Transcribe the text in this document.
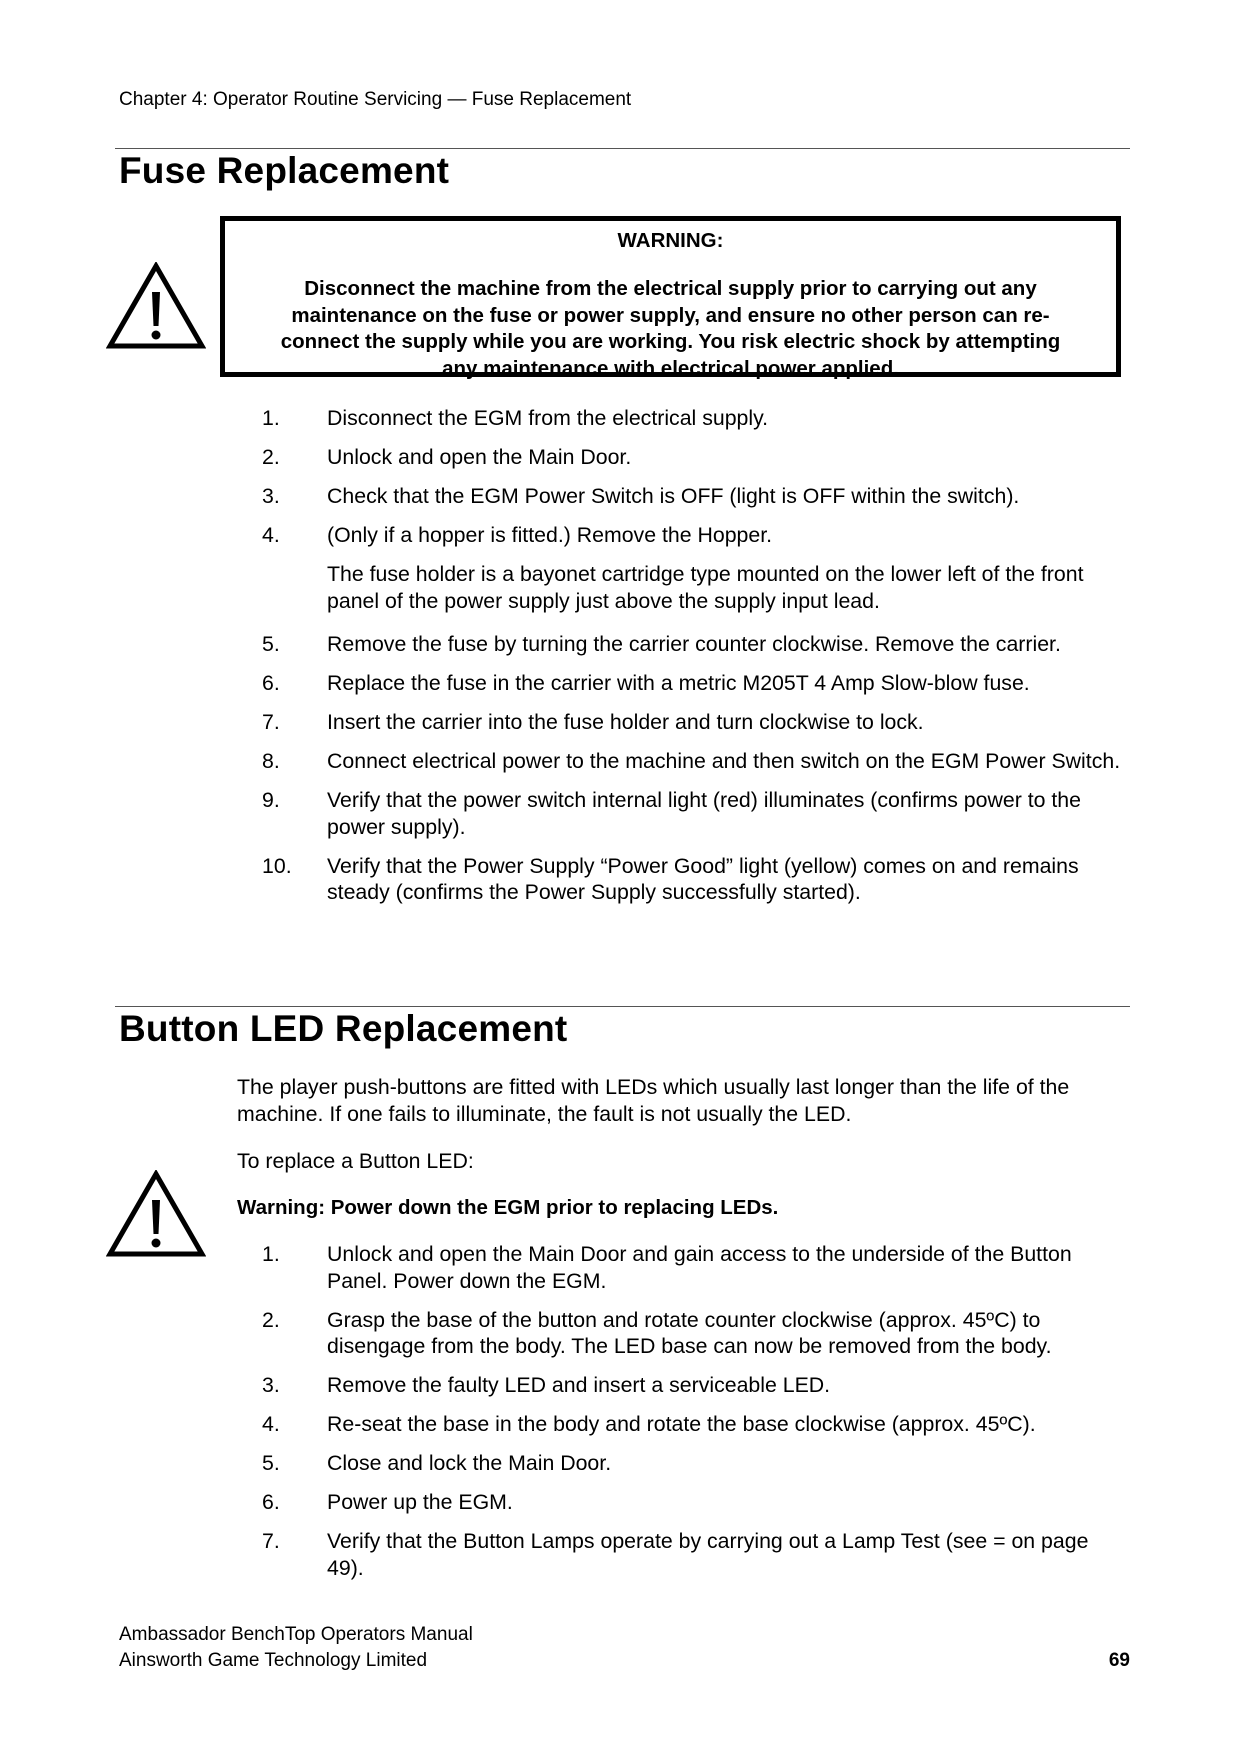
Chapter 4: Operator Routine Servicing — Fuse Replacement
Fuse Replacement
WARNING:
Disconnect the machine from the electrical supply prior to carrying out any
maintenance on the fuse or power supply, and ensure no other person can re-
connect the supply while you are working. You risk electric shock by attempting
any maintenance with electrical power applied.
1.	Disconnect the EGM from the electrical supply.
2.	Unlock and open the Main Door.
3.	Check that the EGM Power Switch is OFF (light is OFF within the switch).
4.	(Only if a hopper is fitted.) Remove the Hopper.
The fuse holder is a bayonet cartridge type mounted on the lower left of the front panel of the power supply just above the supply input lead.
5.	Remove the fuse by turning the carrier counter clockwise. Remove the carrier.
6.	Replace the fuse in the carrier with a metric M205T 4 Amp Slow-blow fuse.
7.	Insert the carrier into the fuse holder and turn clockwise to lock.
8.	Connect electrical power to the machine and then switch on the EGM Power Switch.
9.	Verify that the power switch internal light (red) illuminates (confirms power to the power supply).
10.	Verify that the Power Supply “Power Good” light (yellow) comes on and remains steady (confirms the Power Supply successfully started).
Button LED Replacement
The player push-buttons are fitted with LEDs which usually last longer than the life of the machine. If one fails to illuminate, the fault is not usually the LED.
To replace a Button LED:
Warning: Power down the EGM prior to replacing LEDs.
1.	Unlock and open the Main Door and gain access to the underside of the Button Panel. Power down the EGM.
2.	Grasp the base of the button and rotate counter clockwise (approx. 45ºC) to disengage from the body. The LED base can now be removed from the body.
3.	Remove the faulty LED and insert a serviceable LED.
4.	Re-seat the base in the body and rotate the base clockwise (approx. 45ºC).
5.	Close and lock the Main Door.
6.	Power up the EGM.
7.	Verify that the Button Lamps operate by carrying out a Lamp Test (see = on page 49).
Ambassador BenchTop Operators Manual
Ainsworth Game Technology Limited	69
